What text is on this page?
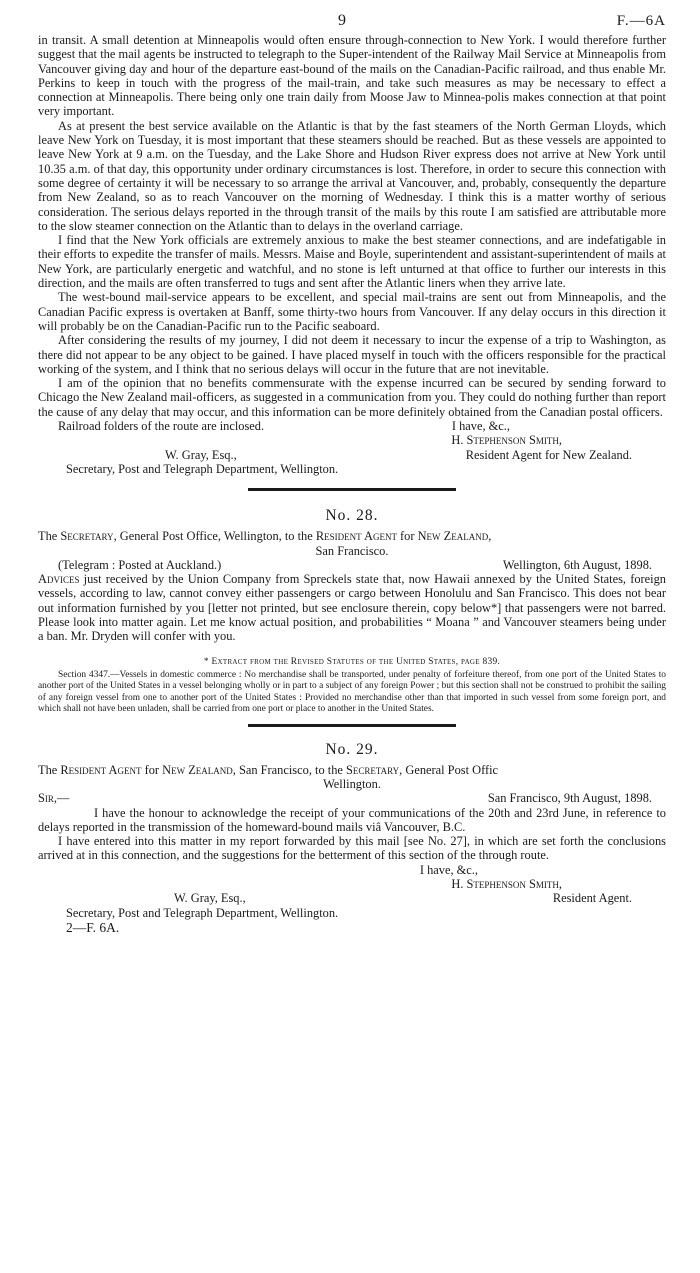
9	F.—6A

in transit. A small detention at Minneapolis would often ensure through-connection to New York. I would therefore further suggest that the mail agents be instructed to telegraph to the Super-intendent of the Railway Mail Service at Minneapolis from Vancouver giving day and hour of the departure east-bound of the mails on the Canadian-Pacific railroad, and thus enable Mr. Perkins to keep in touch with the progress of the mail-train, and take such measures as may be necessary to effect a connection at Minneapolis. There being only one train daily from Moose Jaw to Minnea-polis makes connection at that point very important.

As at present the best service available on the Atlantic is that by the fast steamers of the North German Lloyds, which leave New York on Tuesday, it is most important that these steamers should be reached. But as these vessels are appointed to leave New York at 9 a.m. on the Tuesday, and the Lake Shore and Hudson River express does not arrive at New York until 10.35 a.m. of that day, this opportunity under ordinary circumstances is lost. Therefore, in order to secure this connection with some degree of certainty it will be necessary to so arrange the arrival at Vancouver, and, probably, consequently the departure from New Zealand, so as to reach Vancouver on the morning of Wednesday. I think this is a matter worthy of serious consideration. The serious delays reported in the through transit of the mails by this route I am satisfied are attributable more to the slow steamer connection on the Atlantic than to delays in the overland carriage.

I find that the New York officials are extremely anxious to make the best steamer connections, and are indefatigable in their efforts to expedite the transfer of mails. Messrs. Maise and Boyle, superintendent and assistant-superintendent of mails at New York, are particularly energetic and watchful, and no stone is left unturned at that office to further our interests in this direction, and the mails are often transferred to tugs and sent after the Atlantic liners when they arrive late.

The west-bound mail-service appears to be excellent, and special mail-trains are sent out from Minneapolis, and the Canadian Pacific express is overtaken at Banff, some thirty-two hours from Vancouver. If any delay occurs in this direction it will probably be on the Canadian-Pacific run to the Pacific seaboard.

After considering the results of my journey, I did not deem it necessary to incur the expense of a trip to Washington, as there did not appear to be any object to be gained. I have placed myself in touch with the officers responsible for the practical working of the system, and I think that no serious delays will occur in the future that are not inevitable.

I am of the opinion that no benefits commensurate with the expense incurred can be secured by sending forward to Chicago the New Zealand mail-officers, as suggested in a communication from you. They could do nothing further than report the cause of any delay that may occur, and this information can be more definitely obtained from the Canadian postal officers.

Railroad folders of the route are inclosed.	I have, &c.,
H. Stephenson Smith,
W. Gray, Esq.,	Resident Agent for New Zealand.
Secretary, Post and Telegraph Department, Wellington.
No. 28.

The Secretary, General Post Office, Wellington, to the Resident Agent for New Zealand,

San Francisco.
(Telegram : Posted at Auckland.)	Wellington, 6th August, 1898.

Advices just received by the Union Company from Spreckels state that, now Hawaii annexed by the United States, foreign vessels, according to law, cannot convey either passengers or cargo between Honolulu and San Francisco. This does not bear out information furnished by you [letter not printed, but see enclosure therein, copy below*] that passengers were not barred. Please look into matter again. Let me know actual position, and probabilities “ Moana ” and Vancouver steamers being under a ban. Mr. Dryden will confer with you.

* Extract from the Revised Statutes of the United States, page 839.

Section 4347.—Vessels in domestic commerce : No merchandise shall be transported, under penalty of forfeiture thereof, from one port of the United States to another port of the United States in a vessel belonging wholly or in part to a subject of any foreign Power ; but this section shall not be construed to prohibit the sailing of any foreign vessel from one to another port of the United States : Provided no merchandise other than that imported in such vessel from some foreign port, and which shall not have been unladen, shall be carried from one port or place to another in the United States.

No. 29.

The Resident Agent for New Zealand, San Francisco, to the Secretary, General Post Offic

Wellington.
Sir,—	San Francisco, 9th August, 1898.

I have the honour to acknowledge the receipt of your communications of the 20th and 23rd June, in reference to delays reported in the transmission of the homeward-bound mails viâ Vancouver, B.C.

I have entered into this matter in my report forwarded by this mail [see No. 27], in which are set forth the conclusions arrived at in this connection, and the suggestions for the betterment of this section of the through route.

I have, &c.,
H. Stephenson Smith,
W. Gray, Esq.,	Resident Agent.
Secretary, Post and Telegraph Department, Wellington.
2—F. 6A.
